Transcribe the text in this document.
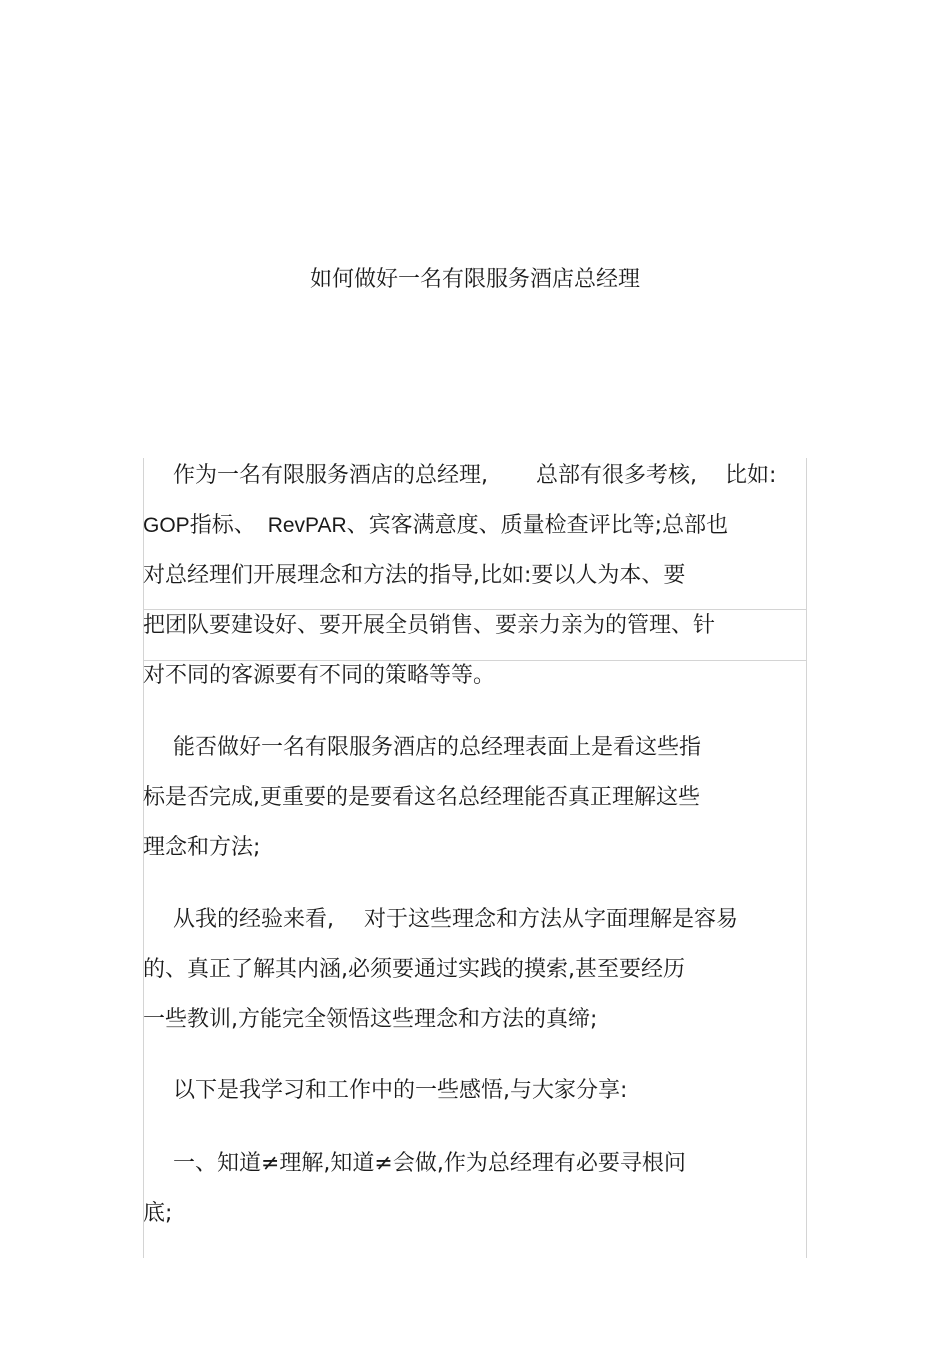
如何做好一名有限服务酒店总经理
作为一名有限服务酒店的总经理, 总部有很多考核, 比如:
GOP指标、 RevPAR、宾客满意度、质量检查评比等;总部也
对总经理们开展理念和方法的指导,比如:要以人为本、要
把团队要建设好、要开展全员销售、要亲力亲为的管理、针
对不同的客源要有不同的策略等等。
能否做好一名有限服务酒店的总经理表面上是看这些指
标是否完成,更重要的是要看这名总经理能否真正理解这些
理念和方法;
从我的经验来看, 对于这些理念和方法从字面理解是容易
的、真正了解其内涵,必须要通过实践的摸索,甚至要经历
一些教训,方能完全领悟这些理念和方法的真缔;
以下是我学习和工作中的一些感悟,与大家分享:
一、知道≠理解,知道≠会做,作为总经理有必要寻根问
底;
